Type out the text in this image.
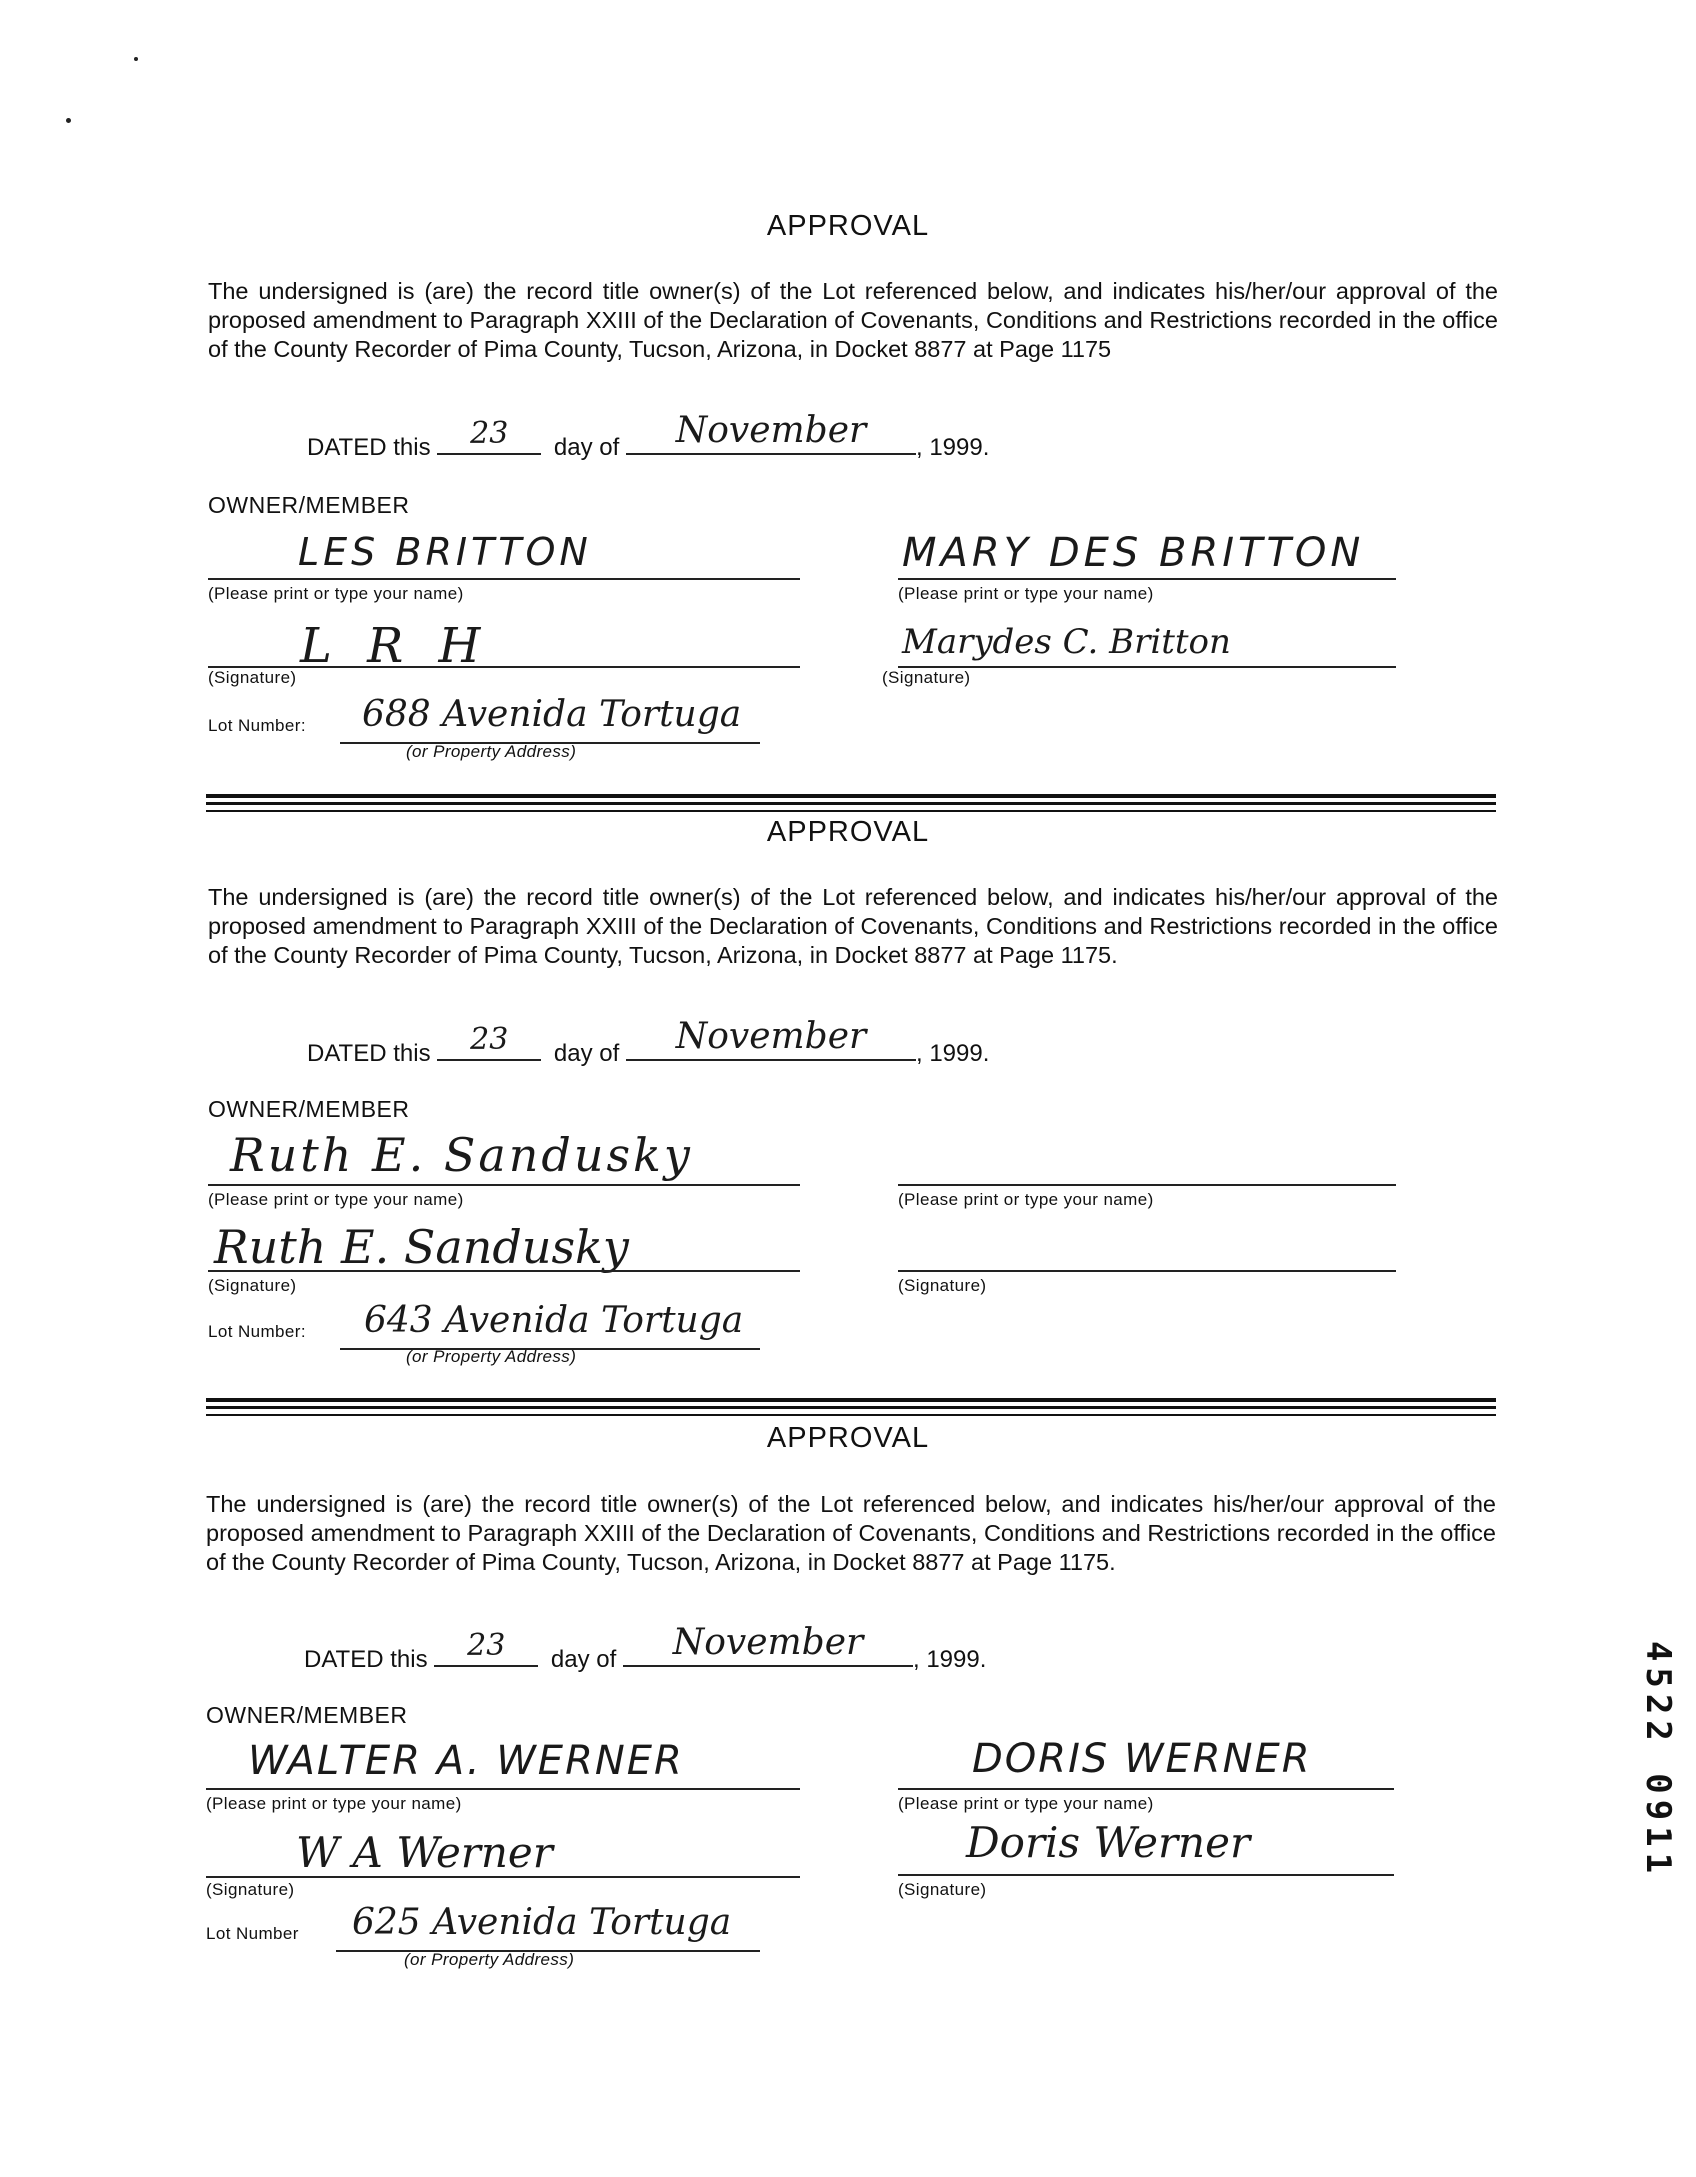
APPROVAL
The undersigned is (are) the record title owner(s) of the Lot referenced below, and indicates his/her/our approval of the proposed amendment to Paragraph XXIII of the Declaration of Covenants, Conditions and Restrictions recorded in the office of the County Recorder of Pima County, Tucson, Arizona, in Docket 8877 at Page 1175
DATED this	23	day of	November	, 1999.
OWNER/MEMBER
LES BRITTON
(Please print or type your name)
MARY DES BRITTON
(Please print or type your name)
L R H
(Signature)
Marydes C. Britton
(Signature)
Lot Number: 688 Avenida Tortuga
(or Property Address)
APPROVAL
The undersigned is (are) the record title owner(s) of the Lot referenced below, and indicates his/her/our approval of the proposed amendment to Paragraph XXIII of the Declaration of Covenants, Conditions and Restrictions recorded in the office of the County Recorder of Pima County, Tucson, Arizona, in Docket 8877 at Page 1175.
DATED this	23	day of	November	, 1999.
OWNER/MEMBER
Ruth E. Sandusky
(Please print or type your name)	(Please print or type your name)
Ruth E. Sandusky
(Signature)	(Signature)
Lot Number: 643 Avenida Tortuga
(or Property Address)
APPROVAL
The undersigned is (are) the record title owner(s) of the Lot referenced below, and indicates his/her/our approval of the proposed amendment to Paragraph XXIII of the Declaration of Covenants, Conditions and Restrictions recorded in the office of the County Recorder of Pima County, Tucson, Arizona, in Docket 8877 at Page 1175.
DATED this	23	day of	November	, 1999.
OWNER/MEMBER
WALTER A. WERNER
(Please print or type your name)
DORIS WERNER
(Please print or type your name)
W A Werner
(Signature)
Doris Werner
(Signature)
Lot Number 625 Avenida Tortuga
(or Property Address)
4522 0911
